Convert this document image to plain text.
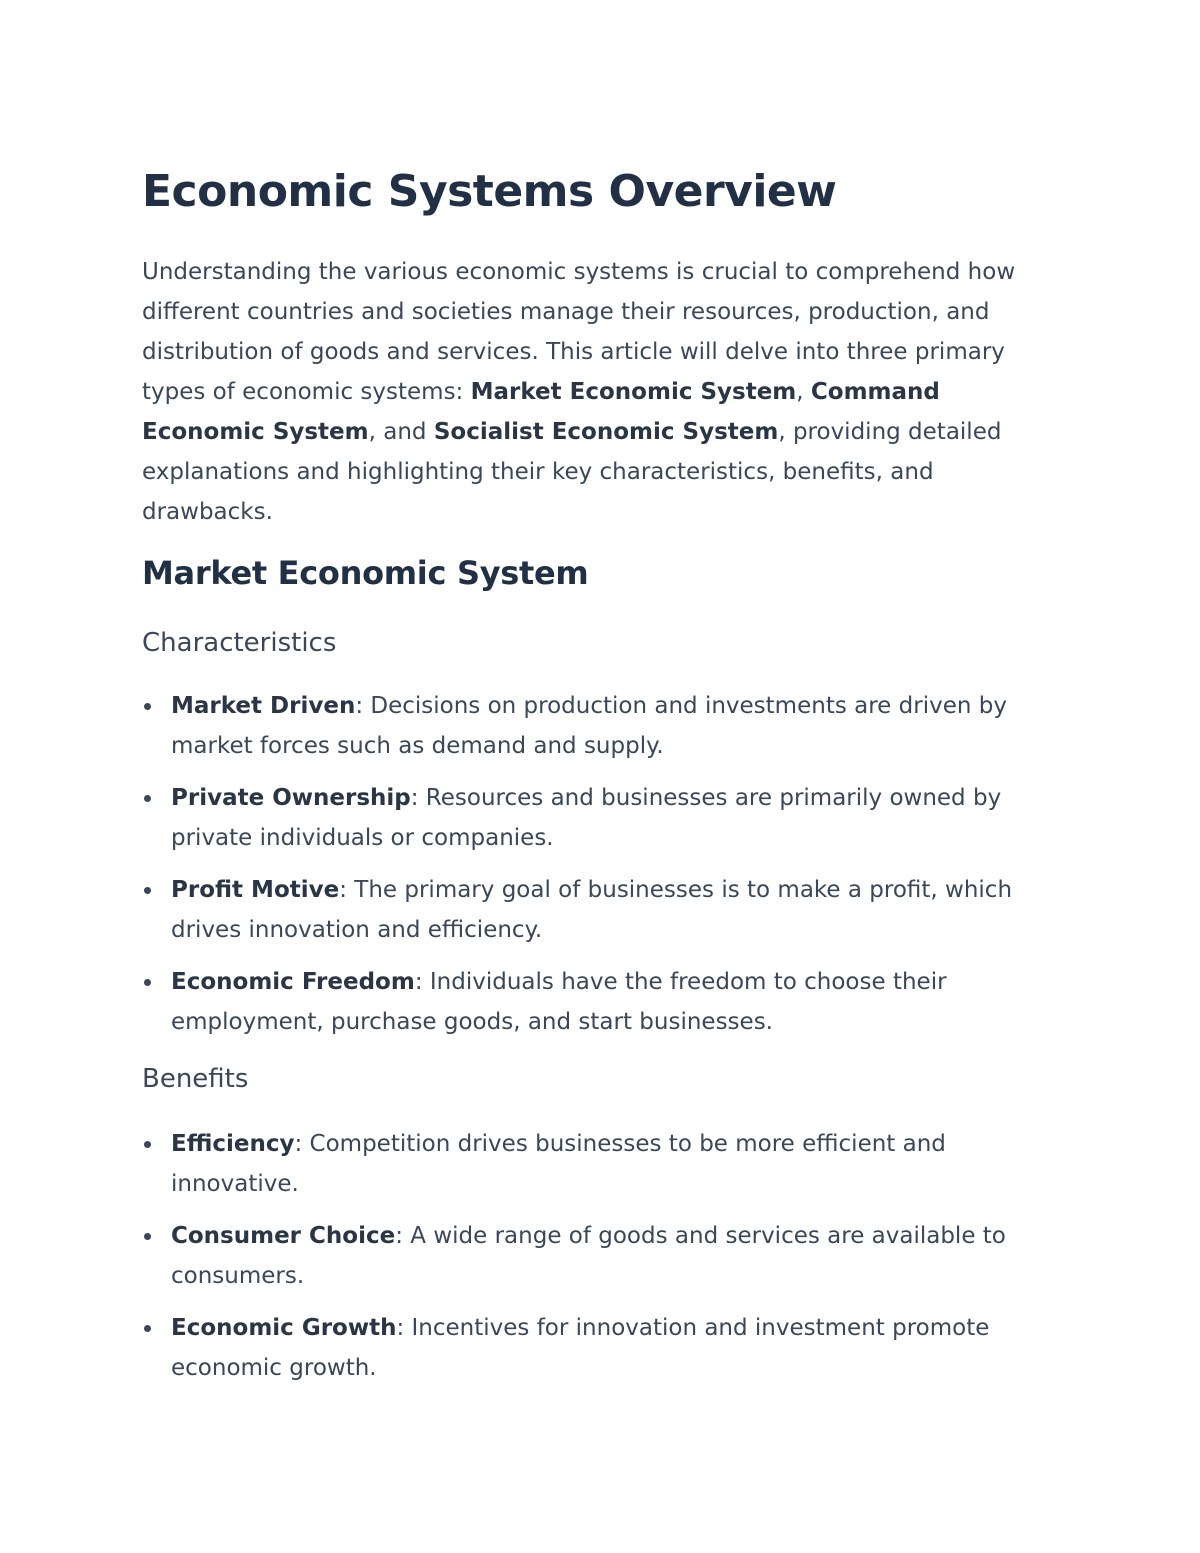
Economic Systems Overview

Understanding the various economic systems is crucial to comprehend how different countries and societies manage their resources, production, and distribution of goods and services. This article will delve into three primary types of economic systems: Market Economic System, Command Economic System, and Socialist Economic System, providing detailed explanations and highlighting their key characteristics, benefits, and drawbacks.

Market Economic System
Characteristics
Market Driven: Decisions on production and investments are driven by market forces such as demand and supply.
Private Ownership: Resources and businesses are primarily owned by private individuals or companies.
Profit Motive: The primary goal of businesses is to make a profit, which drives innovation and efficiency.
Economic Freedom: Individuals have the freedom to choose their employment, purchase goods, and start businesses.
Benefits
Efficiency: Competition drives businesses to be more efficient and innovative.
Consumer Choice: A wide range of goods and services are available to consumers.
Economic Growth: Incentives for innovation and investment promote economic growth.
